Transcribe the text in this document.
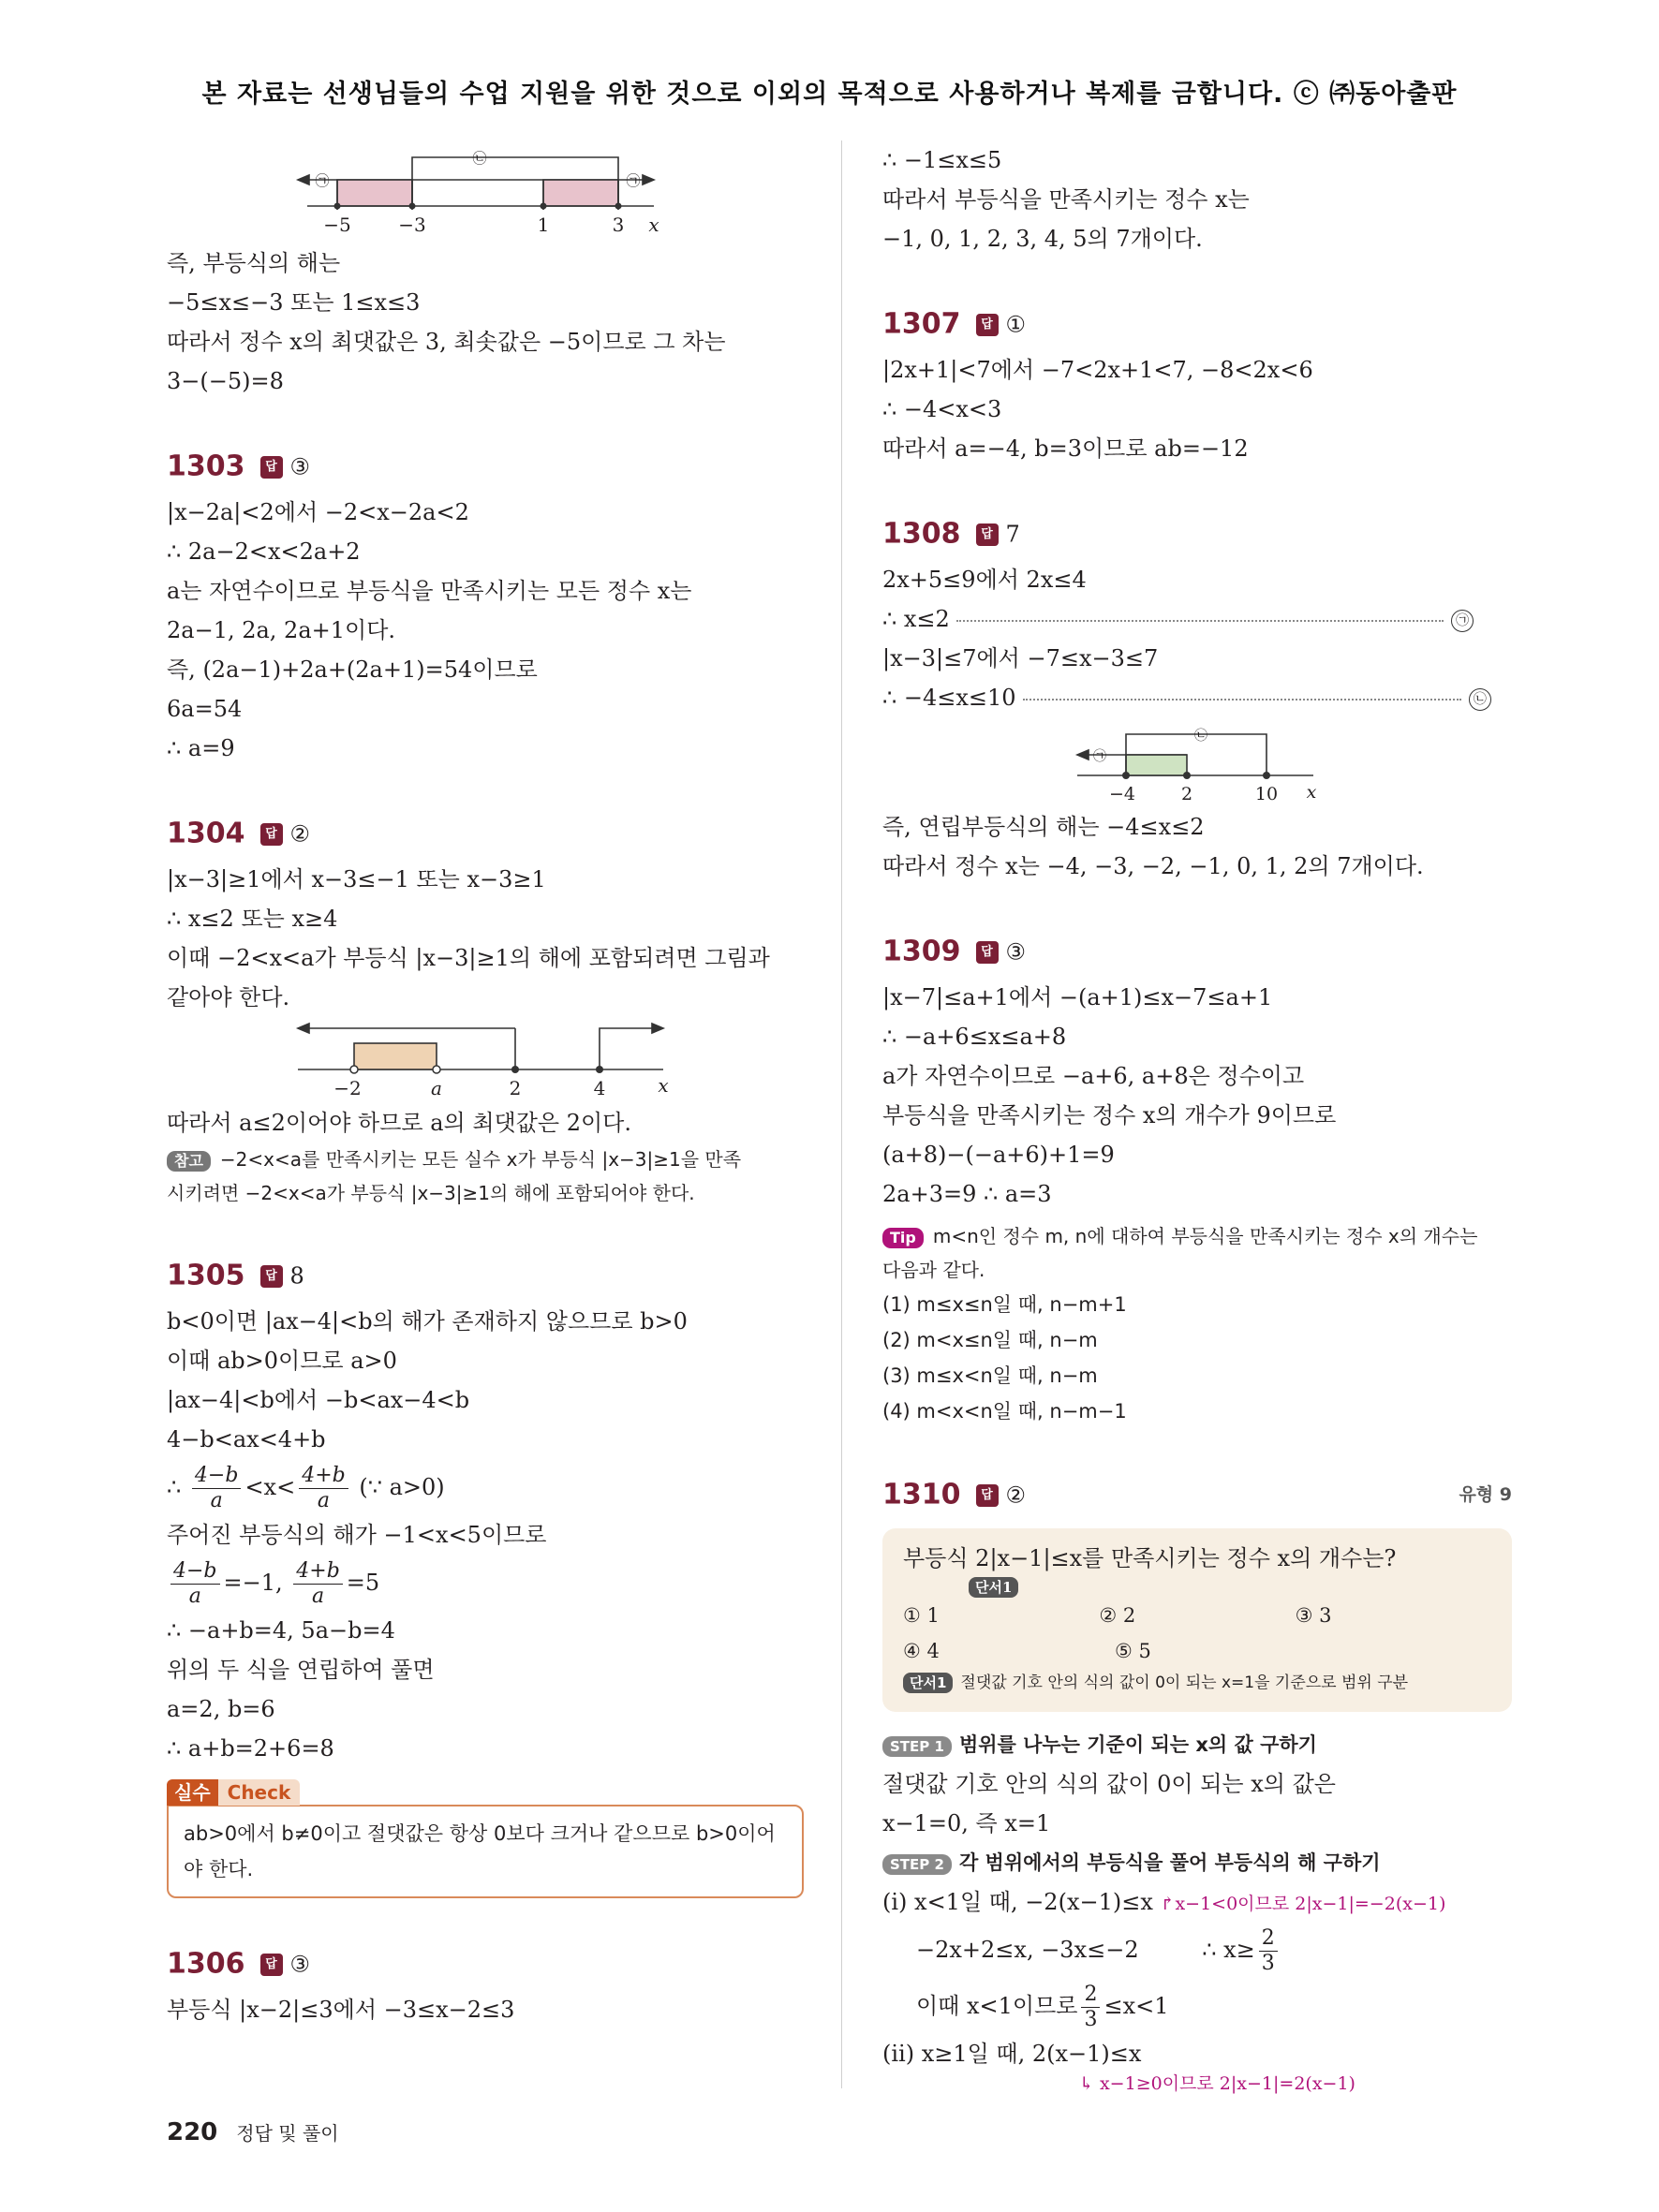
본 자료는 선생님들의 수업 지원을 위한 것으로 이외의 목적으로 사용하거나 복제를 금합니다. ⓒ ㈜동아출판
−5	−3	1	3 x
㉠
㉡
㉠
즉, 부등식의 해는
−5≤x≤−3 또는 1≤x≤3
따라서 정수 x의 최댓값은 3, 최솟값은 −5이므로 그 차는
3−(−5)=8
1303 답 ③
|x−2a|<2에서 −2<x−2a<2
∴ 2a−2<x<2a+2
a는 자연수이므로 부등식을 만족시키는 모든 정수 x는
2a−1, 2a, 2a+1이다.
즉, (2a−1)+2a+(2a+1)=54이므로
6a=54
∴ a=9
1304 답 ②
|x−3|≥1에서 x−3≤−1 또는 x−3≥1
∴ x≤2 또는 x≥4
이때 −2<x<a가 부등식 |x−3|≥1의 해에 포함되려면 그림과
같아야 한다.
−2	a	2	4	x
따라서 a≤2이어야 하므로 a의 최댓값은 2이다.
참고 −2<x<a를 만족시키는 모든 실수 x가 부등식 |x−3|≥1을 만족
시키려면 −2<x<a가 부등식 |x−3|≥1의 해에 포함되어야 한다.
1305 답 8
b<0이면 |ax−4|<b의 해가 존재하지 않으므로 b>0
이때 ab>0이므로 a>0
|ax−4|<b에서 −b<ax−4<b
4−b<ax<4+b
∴ $\frac{4-b}{a} <x< \frac{4+b}{a}$ (∵ a>0)
주어진 부등식의 해가 −1<x<5이므로
$\frac{4-b}{a} =-1$, $\frac{4+b}{a} =5$
∴ −a+b=4, 5a−b=4
위의 두 식을 연립하여 풀면
a=2, b=6
∴ a+b=2+6=8
실수 Check
ab>0에서 b≠0이고 절댓값은 항상 0보다 크거나 같으므로 b>0이어
야 한다.
1306 답 ③
부등식 |x−2|≤3에서 −3≤x−2≤3
∴ −1≤x≤5
따라서 부등식을 만족시키는 정수 x는
−1, 0, 1, 2, 3, 4, 5의 7개이다.
1307 답 ①
|2x+1|<7에서 −7<2x+1<7, −8<2x<6
∴ −4<x<3
따라서 a=−4, b=3이므로 ab=−12
1308 답 7
2x+5≤9에서 2x≤4
∴ x≤2	㉠
|x−3|≤7에서 −7≤x−3≤7
∴ −4≤x≤10	㉡
−4	2	10 x
㉠
㉡
즉, 연립부등식의 해는 −4≤x≤2
따라서 정수 x는 −4, −3, −2, −1, 0, 1, 2의 7개이다.
1309 답 ③
|x−7|≤a+1에서 −(a+1)≤x−7≤a+1
∴ −a+6≤x≤a+8
a가 자연수이므로 −a+6, a+8은 정수이고
부등식을 만족시키는 정수 x의 개수가 9이므로
(a+8)−(−a+6)+1=9
2a+3=9 ∴ a=3
Tip m<n인 정수 m, n에 대하여 부등식을 만족시키는 정수 x의 개수는
다음과 같다.
(1) m≤x≤n일 때, n−m+1
(2) m<x≤n일 때, n−m
(3) m≤x<n일 때, n−m
(4) m<x<n일 때, n−m−1
1310 답 ②	유형 9
부등식 2|x−1|≤x를 만족시키는 정수 x의 개수는?
단서1
① 1	② 2	③ 3
④ 4	⑤ 5
단서1 절댓값 기호 안의 식의 값이 0이 되는 x=1을 기준으로 범위 구분
STEP 1 범위를 나누는 기준이 되는 x의 값 구하기
절댓값 기호 안의 식의 값이 0이 되는 x의 값은
x−1=0, 즉 x=1
STEP 2 각 범위에서의 부등식을 풀어 부등식의 해 구하기
(ⅰ) x<1일 때, −2(x−1)≤x ↱x−1<0이므로 2|x−1|=−2(x−1)
−2x+2≤x, −3x≤−2	∴ $x\ge \frac{2}{3}$
이때 x<1이므로 $\frac{2}{3} \le x<1$
(ⅱ) x≥1일 때, 2(x−1)≤x
↳ x−1≥0이므로 2|x−1|=2(x−1)
220 정답 및 풀이
